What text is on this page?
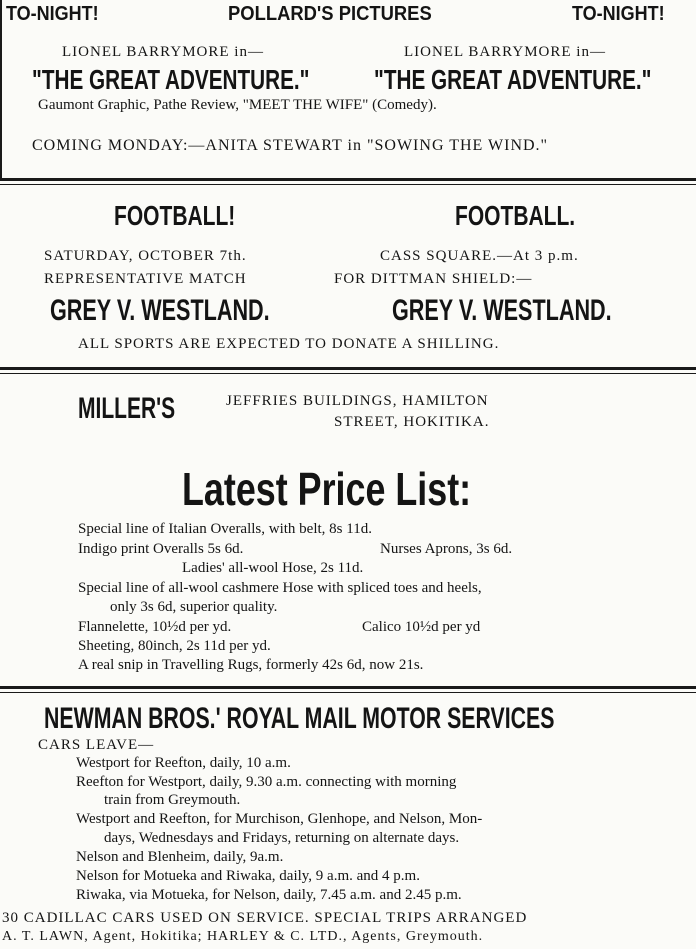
TO-NIGHT!	POLLARD'S PICTURES	TO-NIGHT!
LIONEL BARRYMORE in—	LIONEL BARRYMORE in—
"THE GREAT ADVENTURE." "THE GREAT ADVENTURE."
Gaumont Graphic, Pathe Review, "MEET THE WIFE" (Comedy).
COMING MONDAY:—ANITA STEWART in "SOWING THE WIND."
FOOTBALL!	FOOTBALL.
SATURDAY, OCTOBER 7th.	CASS SQUARE.—At 3 p.m.
REPRESENTATIVE MATCH	FOR DITTMAN SHIELD:—
GREY V. WESTLAND.	GREY V. WESTLAND.
ALL SPORTS ARE EXPECTED TO DONATE A SHILLING.
MILLER'S	JEFFRIES BUILDINGS, HAMILTON
STREET, HOKITIKA.
Latest Price List:
Special line of Italian Overalls, with belt, 8s 11d.
Indigo print Overalls 5s 6d.	Nurses Aprons, 3s 6d.
Ladies' all-wool Hose, 2s 11d.
Special line of all-wool cashmere Hose with spliced toes and heels,
only 3s 6d, superior quality.
Flannelette, 10½d per yd.	Calico 10½d per yd
Sheeting, 80inch, 2s 11d per yd.
A real snip in Travelling Rugs, formerly 42s 6d, now 21s.
NEWMAN BROS.' ROYAL MAIL MOTOR SERVICES
CARS LEAVE—
Westport for Reefton, daily, 10 a.m.
Reefton for Westport, daily, 9.30 a.m. connecting with morning
train from Greymouth.
Westport and Reefton, for Murchison, Glenhope, and Nelson, Mon-
days, Wednesdays and Fridays, returning on alternate days.
Nelson and Blenheim, daily, 9a.m.
Nelson for Motueka and Riwaka, daily, 9 a.m. and 4 p.m.
Riwaka, via Motueka, for Nelson, daily, 7.45 a.m. and 2.45 p.m.
30 CADILLAC CARS USED ON SERVICE. SPECIAL TRIPS ARRANGED
A. T. LAWN, Agent, Hokitika; HARLEY & C. LTD., Agents, Greymouth.
